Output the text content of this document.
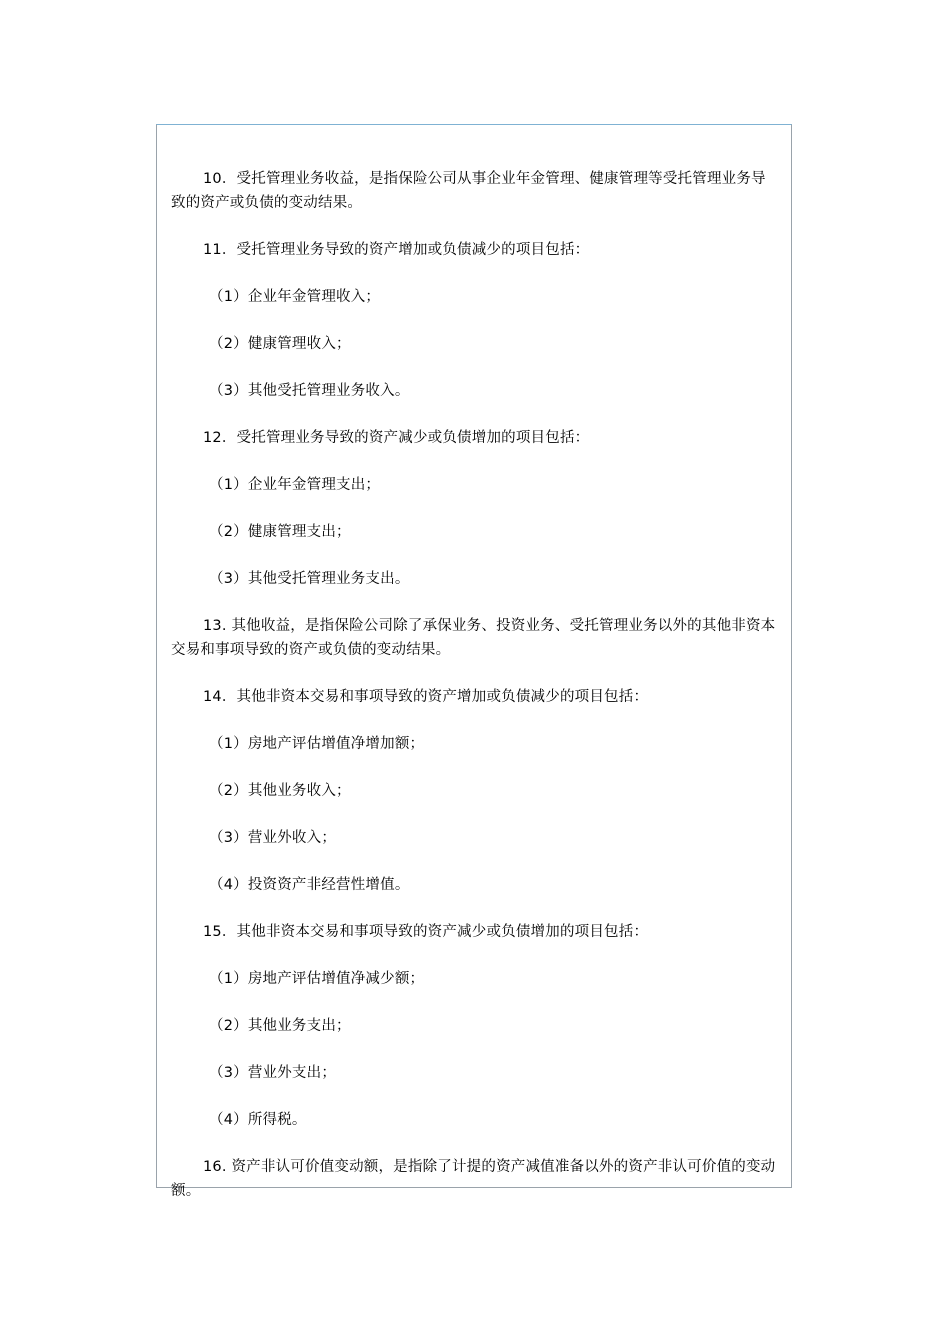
10．受托管理业务收益，是指保险公司从事企业年金管理、健康管理等受托管理业务导致的资产或负债的变动结果。

11．受托管理业务导致的资产增加或负债减少的项目包括：

（1）企业年金管理收入；

（2）健康管理收入；

（3）其他受托管理业务收入。

12．受托管理业务导致的资产减少或负债增加的项目包括：

（1）企业年金管理支出；

（2）健康管理支出；

（3）其他受托管理业务支出。

13. 其他收益，是指保险公司除了承保业务、投资业务、受托管理业务以外的其他非资本交易和事项导致的资产或负债的变动结果。

14．其他非资本交易和事项导致的资产增加或负债减少的项目包括：

（1）房地产评估增值净增加额；

（2）其他业务收入；

（3）营业外收入；

（4）投资资产非经营性增值。

15．其他非资本交易和事项导致的资产减少或负债增加的项目包括：

（1）房地产评估增值净减少额；

（2）其他业务支出；

（3）营业外支出；

（4）所得税。

16. 资产非认可价值变动额，是指除了计提的资产减值准备以外的资产非认可价值的变动额。
